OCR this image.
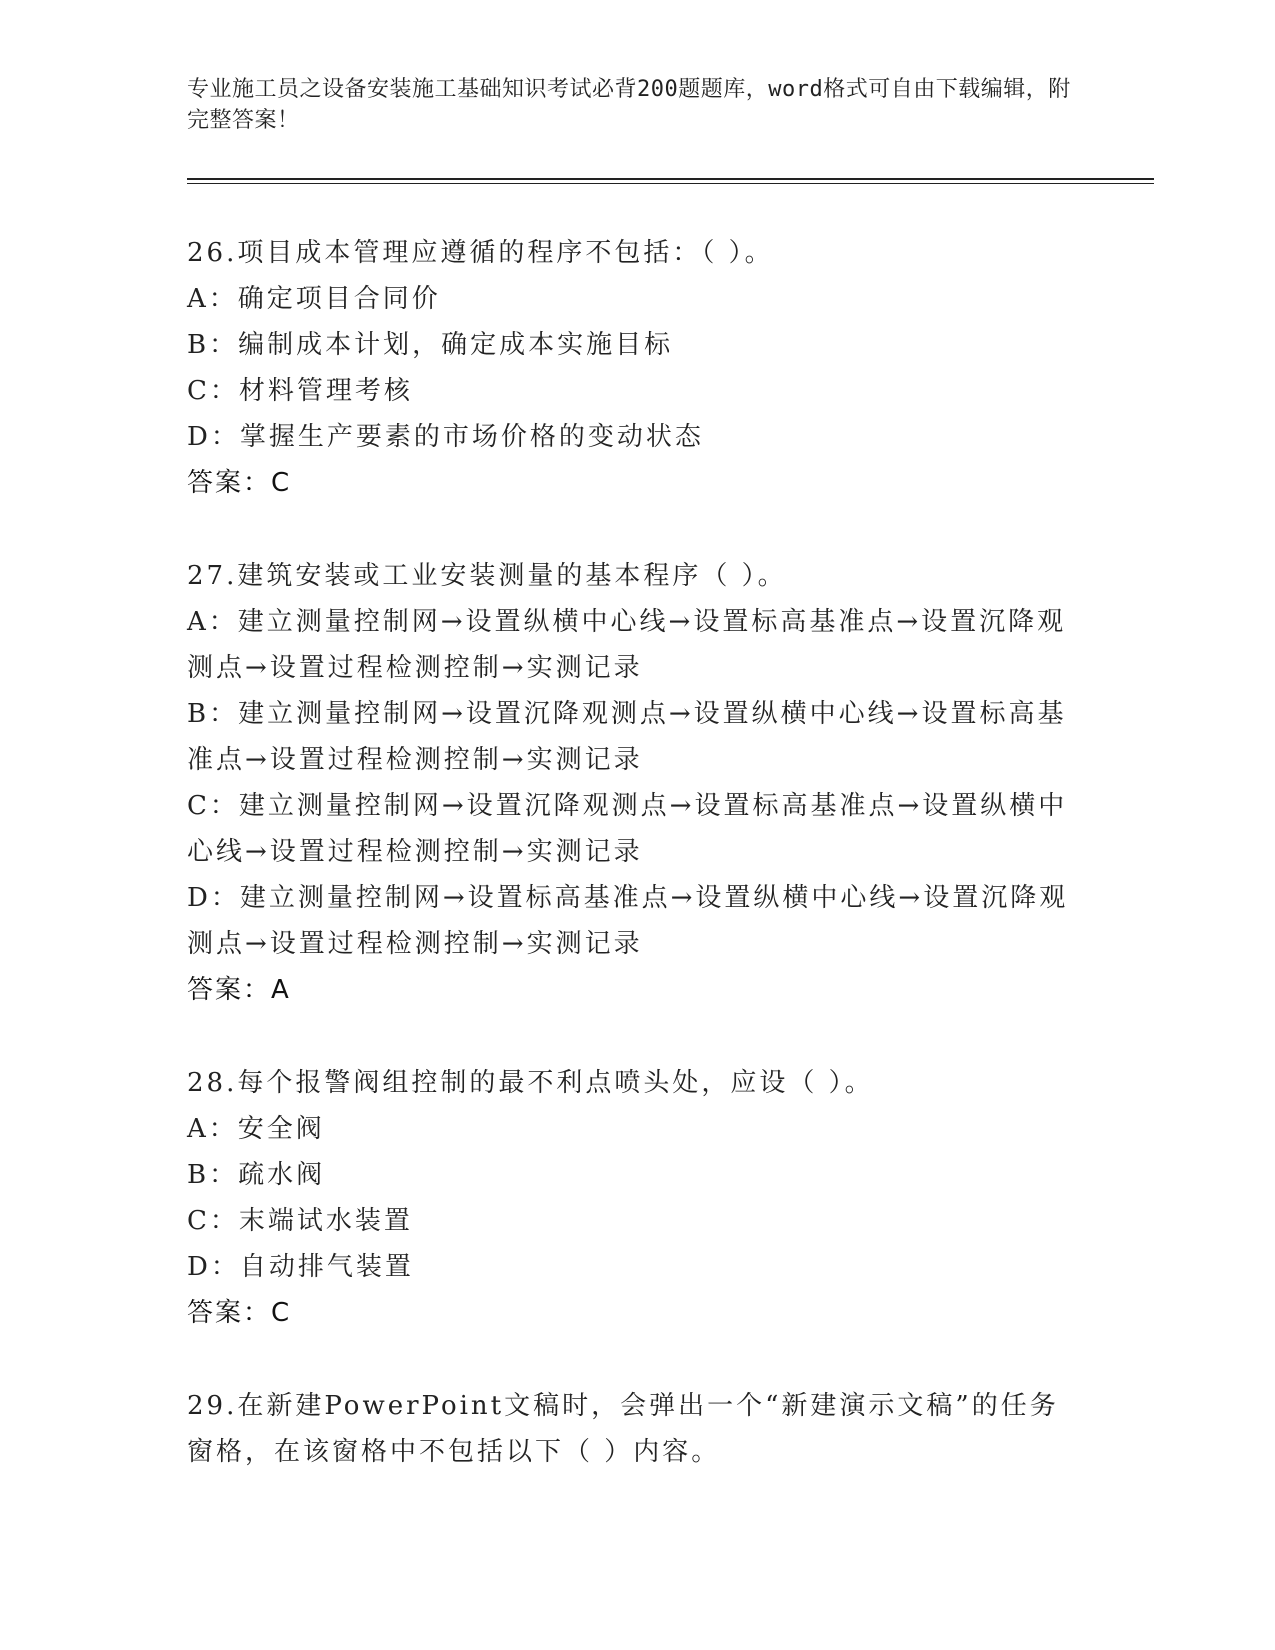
专业施工员之设备安装施工基础知识考试必背200题题库，word格式可自由下载编辑，附完整答案！
26.项目成本管理应遵循的程序不包括：（ ）。
A：确定项目合同价
B：编制成本计划，确定成本实施目标
C：材料管理考核
D：掌握生产要素的市场价格的变动状态
答案：C
27.建筑安装或工业安装测量的基本程序（ ）。
A：建立测量控制网→设置纵横中心线→设置标高基准点→设置沉降观测点→设置过程检测控制→实测记录
B：建立测量控制网→设置沉降观测点→设置纵横中心线→设置标高基准点→设置过程检测控制→实测记录
C：建立测量控制网→设置沉降观测点→设置标高基准点→设置纵横中心线→设置过程检测控制→实测记录
D：建立测量控制网→设置标高基准点→设置纵横中心线→设置沉降观测点→设置过程检测控制→实测记录
答案：A
28.每个报警阀组控制的最不利点喷头处，应设（ ）。
A：安全阀
B：疏水阀
C：末端试水装置
D：自动排气装置
答案：C
29.在新建PowerPoint文稿时，会弹出一个“新建演示文稿”的任务窗格，在该窗格中不包括以下（ ）内容。
